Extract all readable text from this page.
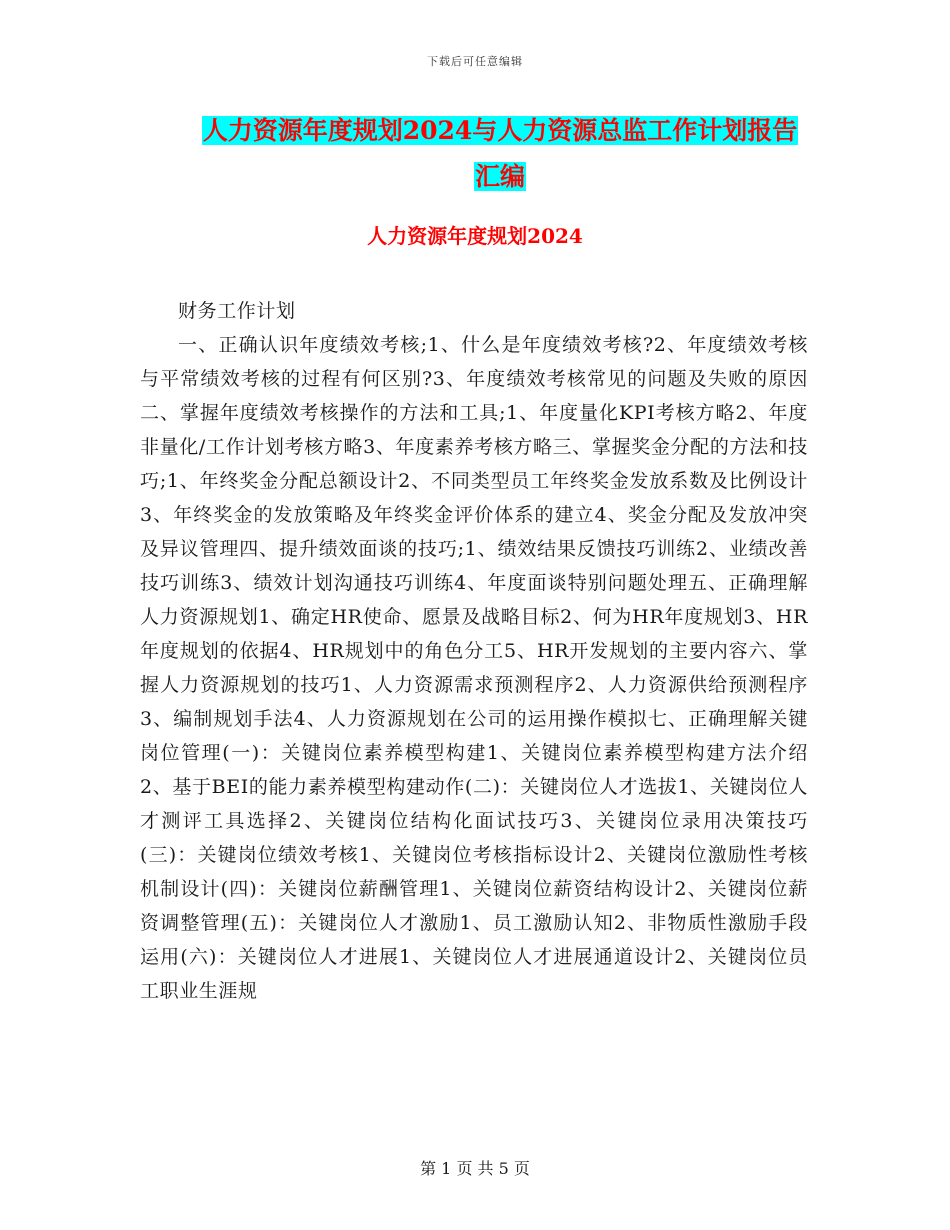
下载后可任意编辑
人力资源年度规划2024与人力资源总监工作计划报告
汇编
人力资源年度规划2024

财务工作计划

一、正确认识年度绩效考核;1、什么是年度绩效考核?2、年度绩效考核与平常绩效考核的过程有何区别?3、年度绩效考核常见的问题及失败的原因二、掌握年度绩效考核操作的方法和工具;1、年度量化KPI考核方略2、年度非量化/工作计划考核方略3、年度素养考核方略三、掌握奖金分配的方法和技巧;1、年终奖金分配总额设计2、不同类型员工年终奖金发放系数及比例设计3、年终奖金的发放策略及年终奖金评价体系的建立4、奖金分配及发放冲突及异议管理四、提升绩效面谈的技巧;1、绩效结果反馈技巧训练2、业绩改善技巧训练3、绩效计划沟通技巧训练4、年度面谈特别问题处理五、正确理解人力资源规划1、确定HR使命、愿景及战略目标2、何为HR年度规划3、HR年度规划的依据4、HR规划中的角色分工5、HR开发规划的主要内容六、掌握人力资源规划的技巧1、人力资源需求预测程序2、人力资源供给预测程序3、编制规划手法4、人力资源规划在公司的运用操作模拟七、正确理解关键岗位管理(一)：关键岗位素养模型构建1、关键岗位素养模型构建方法介绍2、基于BEI的能力素养模型构建动作(二)：关键岗位人才选拔1、关键岗位人才测评工具选择2、关键岗位结构化面试技巧3、关键岗位录用决策技巧(三)：关键岗位绩效考核1、关键岗位考核指标设计2、关键岗位激励性考核机制设计(四)：关键岗位薪酬管理1、关键岗位薪资结构设计2、关键岗位薪资调整管理(五)：关键岗位人才激励1、员工激励认知2、非物质性激励手段运用(六)：关键岗位人才进展1、关键岗位人才进展通道设计2、关键岗位员工职业生涯规

第 1 页 共 5 页
